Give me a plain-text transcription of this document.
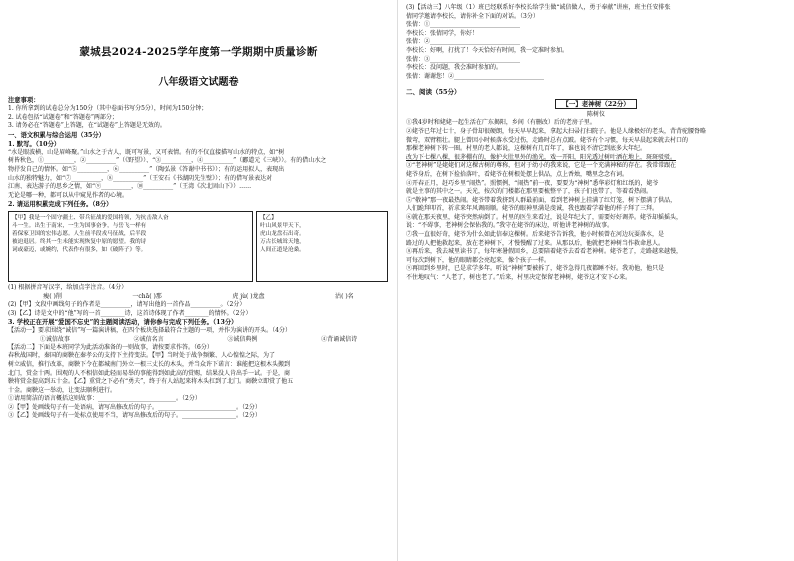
蒙城县2024-2025学年度第一学期期中质量诊断
八年级语文试题卷

注意事项：

1. 你所拿到的试卷总分为150分（其中卷面书写分5分），时间为150分钟；

2. 试卷包括“试题卷”和“答题卷”两部分；

3. 请务必在“答题卷”上答题，在“试题卷”上答题是无效的。

一、语文积累与综合运用（35分）

1. 默写。（10分）

“水是眼波横，山是眉峰聚。”山水之于古人，既可写景，又可表情。有的不仅直接描写山水的特点，如“树

树皆秋色，①__________，②__________”（《野望》）、“③__________，④__________”（酈道元《三峡》）。有的借山水之

物抒发自己的情怀。如“⑤__________，⑥__________”（陶弘景《答谢中书书》）；有的运用拟人，表现出

山水的独特魅力，如“⑦__________，⑧__________”（王安石《书湖阴先生壁》）；有的借写景表达对

江南、表达游子的思乡之情，如“⑨__________，⑩__________”（王湾《次北固山下》）……

无论是哪一种，都可以从中窥见作者的心境。

2. 请运用积累完成下列任务。（8分）

【甲】我是一个固守疆土、带兵征战的爱国将领，为抗击敌人奋
斗一生。出生于南宋，一生为国事奋争，与岳飞一样有
着保家卫国的宏伟志愿。人生前半段戎马征战，后半段
被迫退居。终其一生未能实现恢复中原的愿望。我的诗
词或豪迈，或婉约，代表作有很多，如《破阵子》等。
【乙】
叶山风景甲天下，
虎山龙盘石出奇。
万古长城耸天地，
人间正道是沧桑。

(1) 根据拼音写汉字，给加点字注音。（4分）

瘦( )削	一chā( )那	虎 jù( )龙盘	沽( )名

(2)【甲】文段中画线句子的作者是__________，请写出他的一首作品__________。（2分）

(3)【乙】诗是文中的“他”写的一首________诗，这首诗体现了作者________的情怀。（2分）

3. 学校正在开展“爱国不忘史”的主题阅读活动，请你参与完成下列任务。（13分）

【活动一】要求围绕“诚信”写一篇演讲稿，在四个板块选择最符合主题的一项，并作为演讲的开头。（4分）

①诚信故事	②诚信名言	③诚信典例	④背诵诚信诗

【活动二】下面是本班同学为此活动准备的一则故事，请按要求作答。（6分）

春秋战国时，秦国的商鞅在秦孝公的支持下主持变法。【甲】当时处于战争频繁、人心惶惶之际，为了

树立威信，推行改革，商鞅下令在都城南门外立一根三丈长的木头，并当众许下诺言：谁能把这根木头搬到

北门，赏金十两。围观的人不相信如此轻而易举的事能得到如此高的赏赐，结果没人肯出手一试。于是，商

鞅将赏金提高到五十金。【乙】重赏之下必有“勇夫”，终于有人站起来将木头扛到了北门。商鞅立即赏了他五

十金。商鞅这一举动，让变法顺利进行。

①请用简洁的语言概括这则故事：__________________________。（2分）

②【甲】处画线句子有一处语病，请写出修改后的句子。__________________________。（2分）

③【乙】处画线句子有一处标点使用不当，请写出修改后的句子。__________________。（2分）

(3)【活动三】八年级（1）班已经联系好李校长给学生做“诚信做人，勇于奉献”讲座，班主任安排张

倩同学邀请李校长，请你补全下面的对话。（3分）

张倩：①______________________________

李校长：张倩同学，你好！

张倩：②______________________________

李校长：好啊，打扰了！今天恰好有时间，我一定准时参加。

张倩：③______________________________

李校长：没问题，我会准时参加的。

张倩：谢谢您！②______________________________

二、阅读（55分）
【一】老神树（22分）
陈树仪

①我4岁时和姥姥一起生活在广东揭阳，乡间（有删改）后的老房子里。

②姥爷已年过七十，身子骨却很硬朗，每天早早起来，拿起大扫帚打扫院子。他是人缘极好的老头，背背驼腰脊略

微弯，双臂粗壮。腿上曾因小时候落水受过伤，走路时总有点跛。姥爷有个习惯，每天早晨起来就去村口的

那棵老神树下转一圈。村里的老人都说，这棵树有几百年了，谁也说不清它到底多大年纪。

改为下七棵八棵，很茅棚有的，像护火肚里外的渔光，戏一开阳，阳光透过树叶洒在地上，斑斑驳驳。

③“老神树”是姥姥们对这棵古树的尊称，但对于幼小的我来说，它是一个充满神秘的存在。我常常跟在

姥爷身后，在树下捡拾落叶，看姥爷在树根处摆上供品，点上香烛，嘴里念念有词。

④开春正月，赶巧乡里“闹热”。照惯例，“闹热”前一夜，要要为“神树”悉华彩灯和红纸的，姥爷

就是主事的其中之一。天光，按次的门楼都在那里要梳整平了，孩子们也带了，等着看热闹。

⑤“敬神”那一夜最热闹。姥爷带着我挤到人群最前面，看到老神树上挂满了红灯笼，树下摆满了供品，

人们跪拜叩首，祈求来年风调雨顺。姥爷的眼神里满是虔诚，我也跟着学着他的样子拜了三拜。

⑥就在那天夜里，姥爷突然病倒了。村里的医生来看过，说是年纪大了，需要好好调养。姥爷却摇摇头，

说：“不碍事，老神树会保佑我的。”我守在姥爷的床边，听他讲老神树的故事。

⑦我一直很好奇，姥爷为什么如此信奉这棵树。后来姥爷告诉我，他小时候曾在河边玩耍落水，是

路过的人把他救起来，放在老神树下，才慢慢醒了过来。从那以后，他就把老神树当作救命恩人。

⑧再后来，我去城里读书了，每年寒暑假回乡，总要陪着姥爷去看看老神树。姥爷老了，走路越来越慢，

可每次到树下，他的眼睛都会亮起来，像个孩子一样。

⑨再回到乡里时，已是求学多年。听说“神树”要被拆了，姥爷急得几夜都睡不好。我劝他，他只是

不住地叹气：“人老了，树也老了。”后来，村里决定保留老神树，姥爷这才安下心来。
